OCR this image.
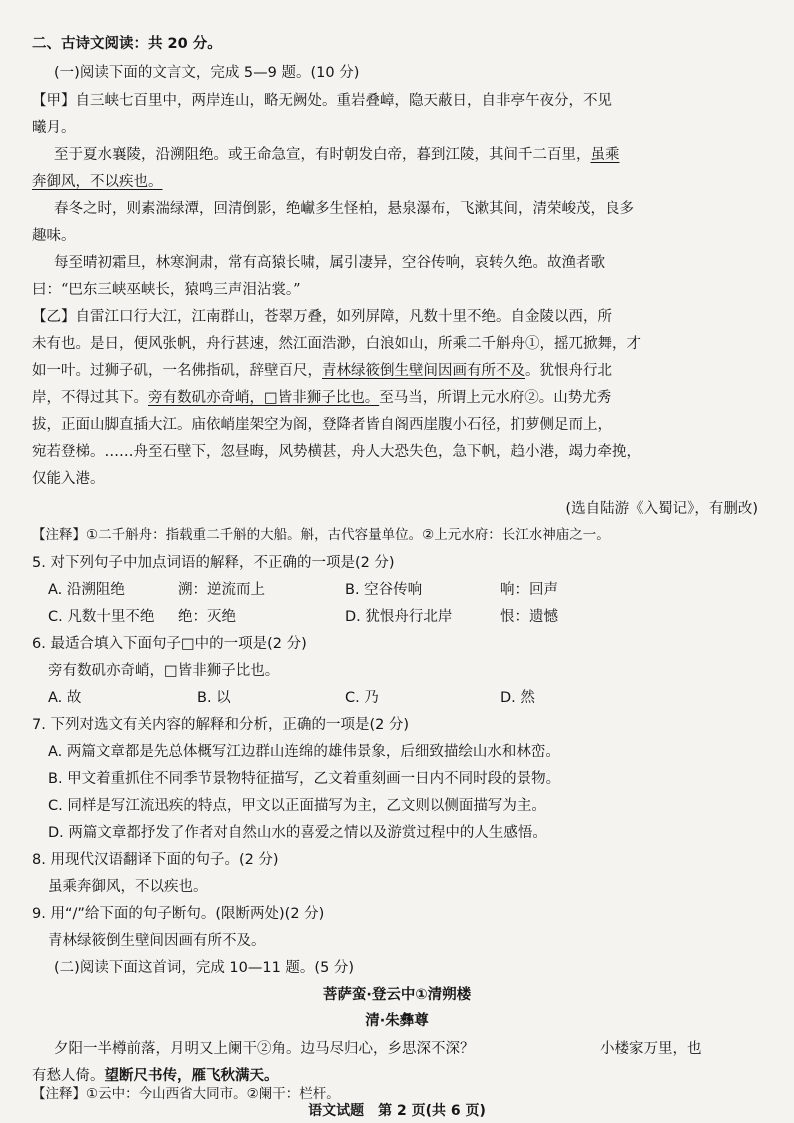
二、古诗文阅读：共 20 分。
(一)阅读下面的文言文，完成 5—9 题。(10 分)
【甲】自三峡七百里中，两岸连山，略无阙处。重岩叠嶂，隐天蔽日，自非亭午夜分，不见
曦月。
至于夏水襄陵，沿溯阻绝。或王命急宣，有时朝发白帝，暮到江陵，其间千二百里，虽乘
奔御风，不以疾也。
春冬之时，则素湍绿潭，回清倒影，绝𪩘多生怪柏，悬泉瀑布，飞漱其间，清荣峻茂，良多
趣味。
每至晴初霜旦，林寒涧肃，常有高猿长啸，属引凄异，空谷传响，哀转久绝。故渔者歌
曰：“巴东三峡巫峡长，猿鸣三声泪沾裳。”
【乙】自雷江口行大江，江南群山，苍翠万叠，如列屏障，凡数十里不绝。自金陵以西，所
未有也。是日，便风张帆，舟行甚速，然江面浩渺，白浪如山，所乘二千斛舟①，摇兀掀舞，才
如一叶。过狮子矶，一名佛指矶，辞壁百尺，青林绿筱倒生壁间因画有所不及。犹恨舟行北
岸，不得过其下。旁有数矶亦奇峭，□皆非狮子比也。至马当，所谓上元水府②。山势尤秀
拔，正面山脚直插大江。庙依峭崖架空为阁，登降者皆自阁西崖腹小石径，扪萝侧足而上，
宛若登梯。……舟至石壁下，忽昼晦，风势横甚，舟人大恐失色，急下帆，趋小港，竭力牵挽，
仅能入港。
(选自陆游《入蜀记》，有删改)
【注释】①二千斛舟：指载重二千斛的大船。斛，古代容量单位。②上元水府：长江水神庙之一。
5. 对下列句子中加点词语的解释，不正确的一项是(2 分)
A. 沿溯阻绝	溯：逆流而上	B. 空谷传响	响：回声
C. 凡数十里不绝 绝：灭绝	D. 犹恨舟行北岸	恨：遗憾
6. 最适合填入下面句子□中的一项是(2 分)
旁有数矶亦奇峭，□皆非狮子比也。
A. 故	B. 以	C. 乃	D. 然
7. 下列对选文有关内容的解释和分析，正确的一项是(2 分)
A. 两篇文章都是先总体概写江边群山连绵的雄伟景象，后细致描绘山水和林峦。
B. 甲文着重抓住不同季节景物特征描写，乙文着重刻画一日内不同时段的景物。
C. 同样是写江流迅疾的特点，甲文以正面描写为主，乙文则以侧面描写为主。
D. 两篇文章都抒发了作者对自然山水的喜爱之情以及游赏过程中的人生感悟。
8. 用现代汉语翻译下面的句子。(2 分)
虽乘奔御风，不以疾也。
9. 用“/”给下面的句子断句。(限断两处)(2 分)
青林绿筱倒生壁间因画有所不及。
(二)阅读下面这首词，完成 10—11 题。(5 分)
菩萨蛮·登云中①清朔楼
清·朱彝尊
夕阳一半樽前落，月明又上阑干②角。边马尽归心，乡思深不深？	小楼家万里，也
有愁人倚。望断尺书传，雁飞秋满天。
【注释】①云中：今山西省大同市。②阑干：栏杆。
语文试题　第 2 页(共 6 页)
